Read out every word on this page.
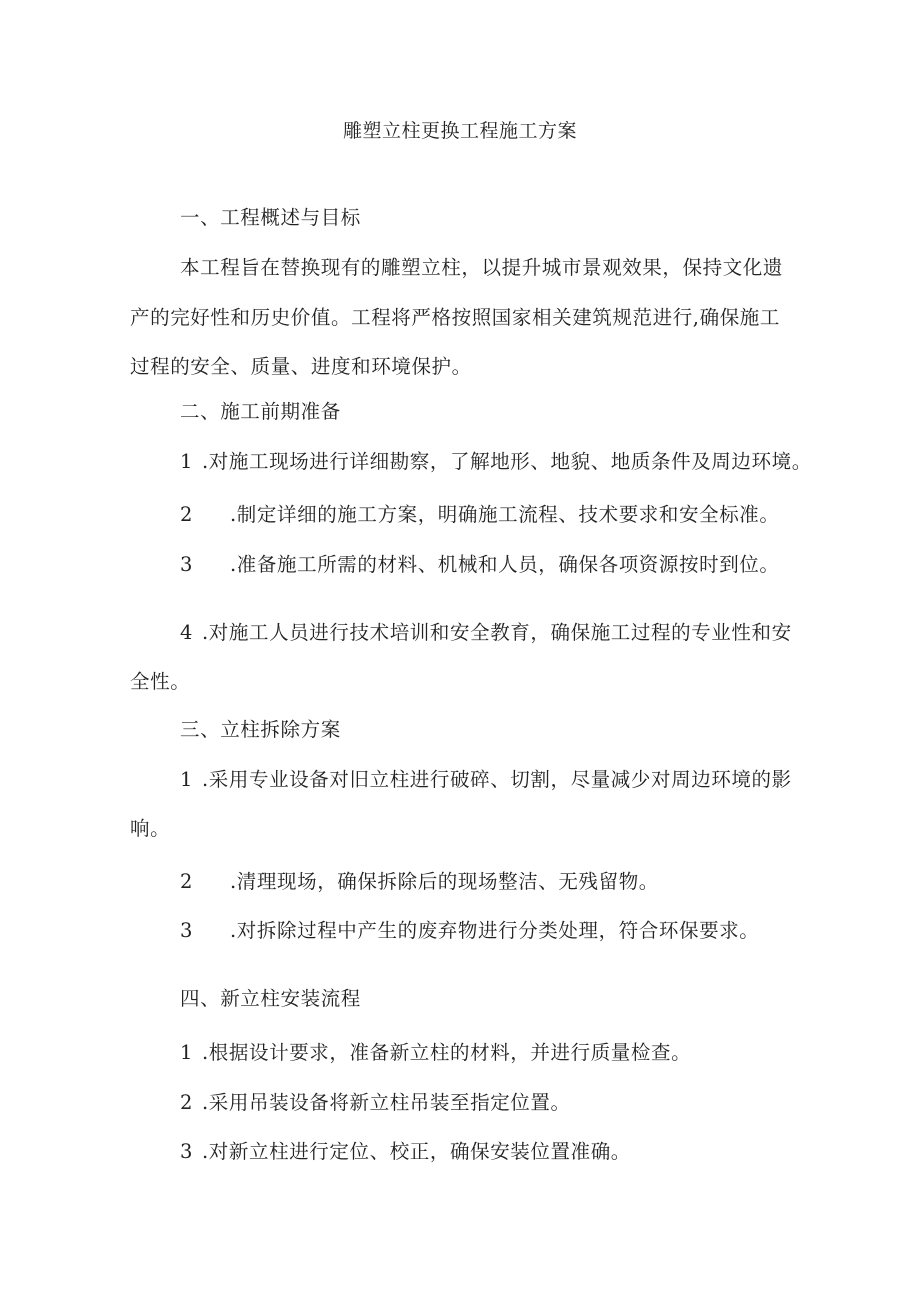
雕塑立柱更换工程施工方案
一、工程概述与目标
本工程旨在替换现有的雕塑立柱，以提升城市景观效果，保持文化遗
产的完好性和历史价值。工程将严格按照国家相关建筑规范进行,确保施工
过程的安全、质量、进度和环境保护。
二、施工前期准备
1 .对施工现场进行详细勘察，了解地形、地貌、地质条件及周边环境。
2 .制定详细的施工方案，明确施工流程、技术要求和安全标准。
3 .准备施工所需的材料、机械和人员，确保各项资源按时到位。
4 .对施工人员进行技术培训和安全教育，确保施工过程的专业性和安
全性。
三、立柱拆除方案
1 .采用专业设备对旧立柱进行破碎、切割，尽量减少对周边环境的影
响。
2 .清理现场，确保拆除后的现场整洁、无残留物。
3 .对拆除过程中产生的废弃物进行分类处理，符合环保要求。
四、新立柱安装流程
1 .根据设计要求，准备新立柱的材料，并进行质量检查。
2 .采用吊装设备将新立柱吊装至指定位置。
3 .对新立柱进行定位、校正，确保安装位置准确。
